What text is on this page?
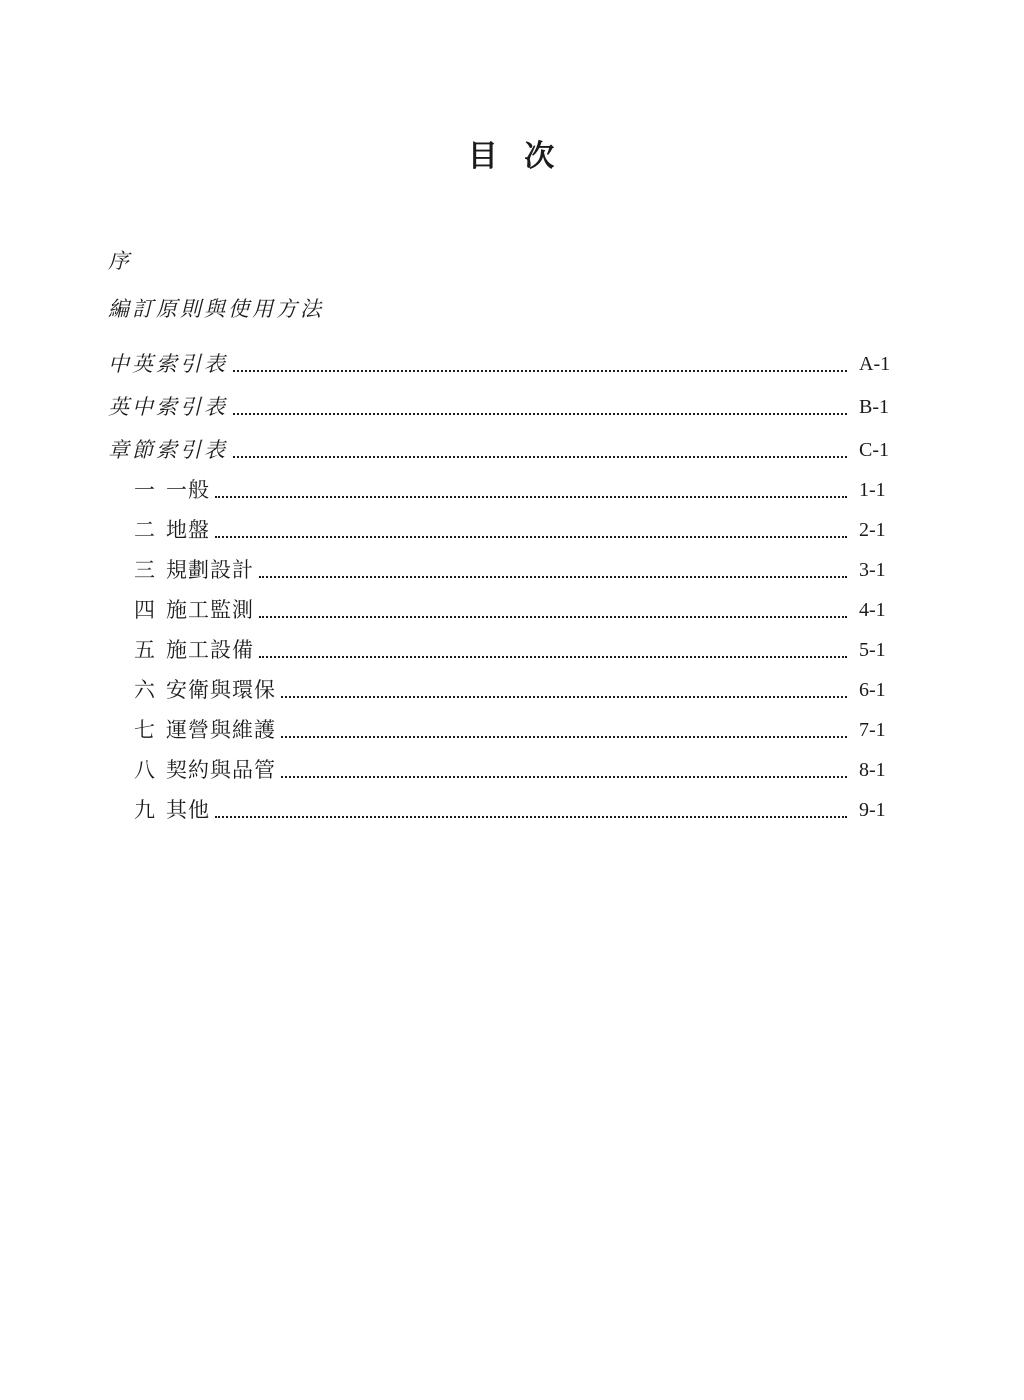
目 次
序
編訂原則與使用方法
中英索引表	A-1
英中索引表	B-1
章節索引表	C-1
一 一般	1-1
二 地盤	2-1
三 規劃設計	3-1
四 施工監測	4-1
五 施工設備	5-1
六 安衛與環保	6-1
七 運營與維護	7-1
八 契約與品管	8-1
九 其他	9-1
